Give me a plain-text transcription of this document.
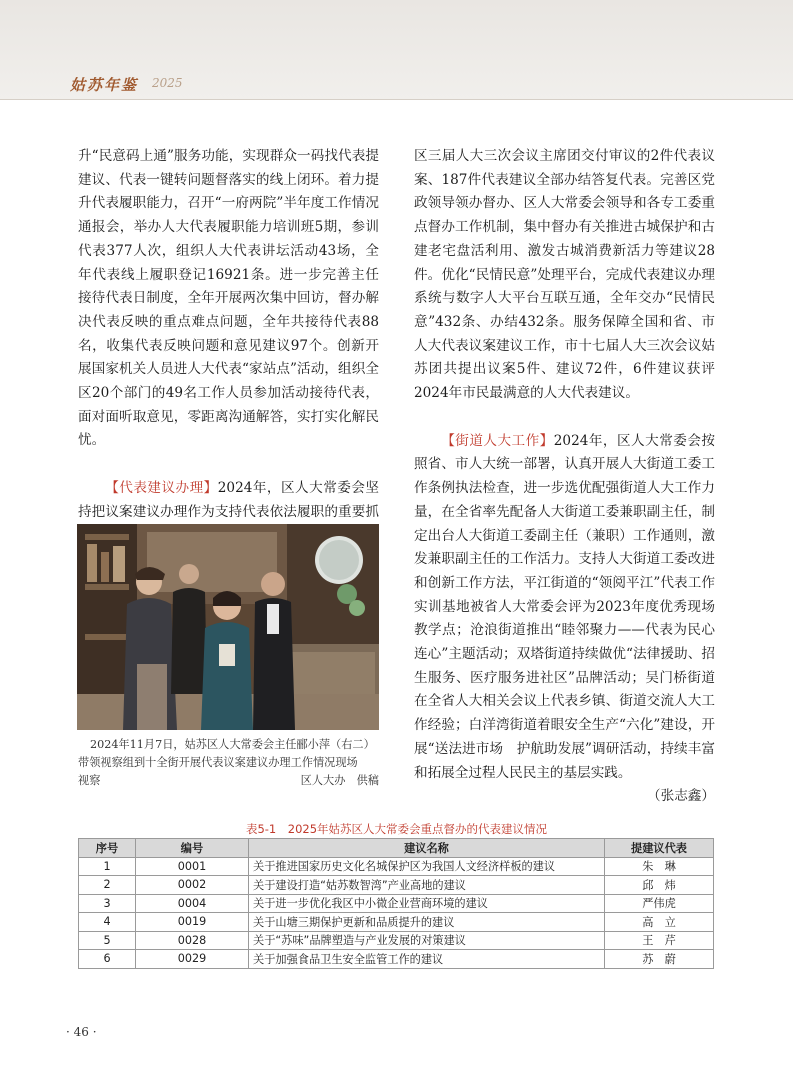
姑苏年鉴 2025

升“民意码上通”服务功能，实现群众一码找代表提建议、代表一键转问题督落实的线上闭环。着力提升代表履职能力，召开“一府两院”半年度工作情况通报会，举办人大代表履职能力培训班5期，参训代表377人次，组织人大代表讲坛活动43场，全年代表线上履职登记16921条。进一步完善主任接待代表日制度，全年开展两次集中回访，督办解决代表反映的重点难点问题，全年共接待代表88名，收集代表反映问题和意见建议97个。创新开展国家机关人员进人大代表“家站点”活动，组织全区20个部门的49名工作人员参加活动接待代表，面对面听取意见，零距离沟通解答，实打实化解民忧。

【代表建议办理】2024年，区人大常委会坚持把议案建议办理作为支持代表依法履职的重要抓

2024年11月7日，姑苏区人大常委会主任郦小萍（右二）
带领视察组到十全街开展代表议案建议办理工作情况现场
视察	区人大办　供稿

区三届人大三次会议主席团交付审议的2件代表议案、187件代表建议全部办结答复代表。完善区党政领导领办督办、区人大常委会领导和各专工委重点督办工作机制，集中督办有关推进古城保护和古建老宅盘活利用、激发古城消费新活力等建议28件。优化“民情民意”处理平台，完成代表建议办理系统与数字人大平台互联互通，全年交办“民情民意”432条、办结432条。服务保障全国和省、市人大代表议案建议工作，市十七届人大三次会议姑苏团共提出议案5件、建议72件，6件建议获评2024年市民最满意的人大代表建议。

【街道人大工作】2024年，区人大常委会按照省、市人大统一部署，认真开展人大街道工委工作条例执法检查，进一步选优配强街道人大工作力量，在全省率先配备人大街道工委兼职副主任，制定出台人大街道工委副主任（兼职）工作通则，激发兼职副主任的工作活力。支持人大街道工委改进和创新工作方法，平江街道的“领阅平江”代表工作实训基地被省人大常委会评为2023年度优秀现场教学点；沧浪街道推出“睦邻聚力——代表为民心连心”主题活动；双塔街道持续做优“法律援助、招生服务、医疗服务进社区”品牌活动；吴门桥街道在全省人大相关会议上代表乡镇、街道交流人大工作经验；白洋湾街道着眼安全生产“六化”建设，开展“送法进市场　护航助发展”调研活动，持续丰富和拓展全过程人民民主的基层实践。
（张志鑫）

表5-1　2025年姑苏区人大常委会重点督办的代表建议情况
序号	编号	建议名称	提建议代表
1	0001	关于推进国家历史文化名城保护区为我国人文经济样板的建议	朱　琳
2	0002	关于建设打造“姑苏数智湾”产业高地的建议	邱　炜
3	0004	关于进一步优化我区中小微企业营商环境的建议	严伟虎
4	0019	关于山塘三期保护更新和品质提升的建议	高　立
5	0028	关于“苏味”品牌塑造与产业发展的对策建议	王　芹
6	0029	关于加强食品卫生安全监管工作的建议	苏　蔚
· 46 ·
